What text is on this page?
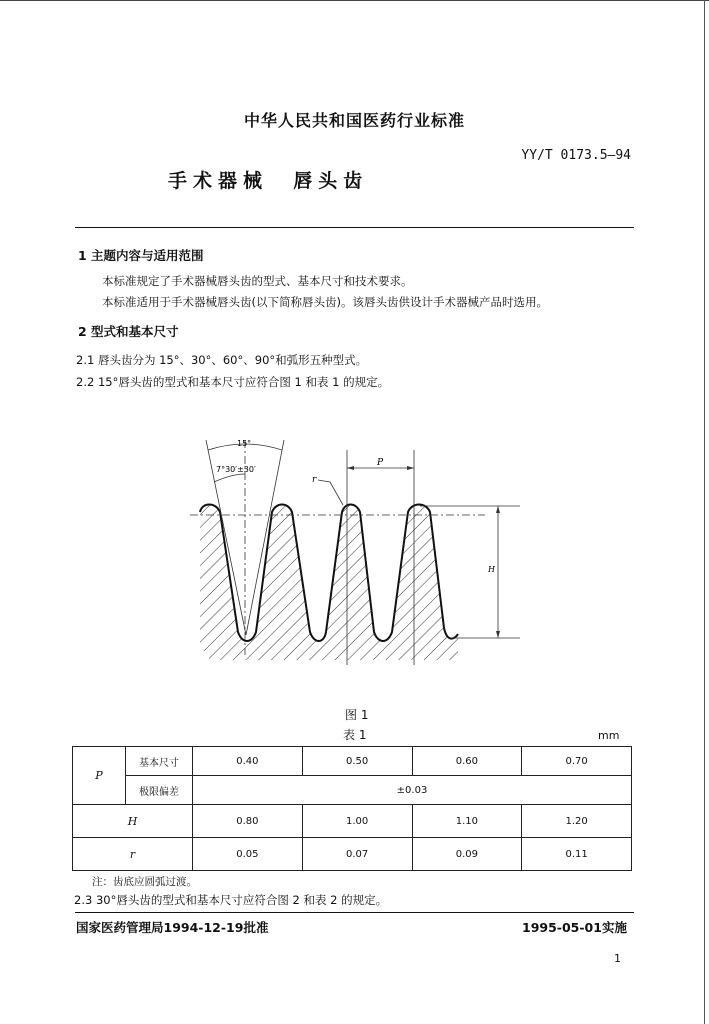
中华人民共和国医药行业标准
YY/T 0173.5—94
手术器械  唇头齿
1 主题内容与适用范围
本标准规定了手术器械唇头齿的型式、基本尺寸和技术要求。
本标准适用于手术器械唇头齿(以下简称唇头齿)。该唇头齿供设计手术器械产品时选用。
2 型式和基本尺寸
2.1 唇头齿分为 15°、30°、60°、90°和弧形五种型式。
2.2 15°唇头齿的型式和基本尺寸应符合图 1 和表 1 的规定。
15°
7°30′±30′
P
r
H
图 1
表 1	mm
P	基本尺寸	0.40	0.50	0.60	0.70
	极限偏差	±0.03			
H		0.80	1.00	1.10	1.20
r		0.05	0.07	0.09	0.11
注：齿底应圆弧过渡。
2.3 30°唇头齿的型式和基本尺寸应符合图 2 和表 2 的规定。
国家医药管理局1994-12-19批准	1995-05-01实施
1
